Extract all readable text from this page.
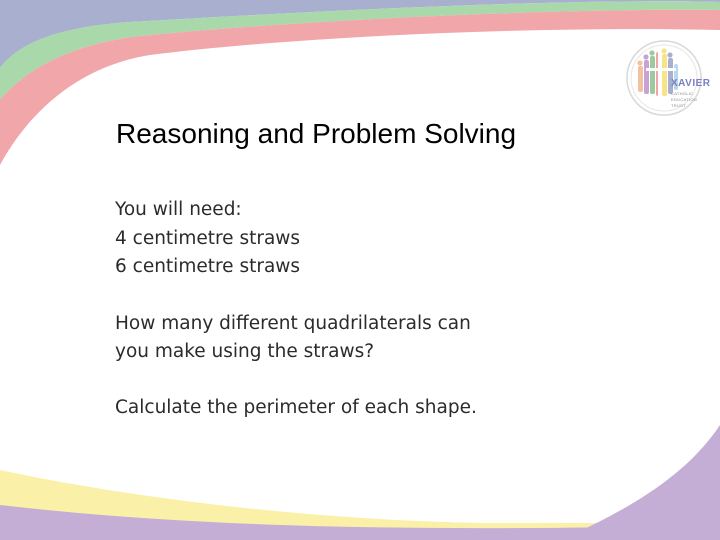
XAVIER
CATHOLIC
EDUCATION
TRUST
Reasoning and Problem Solving
You will need:
4 centimetre straws
6 centimetre straws
How many different quadrilaterals can
you make using the straws?
Calculate the perimeter of each shape.
